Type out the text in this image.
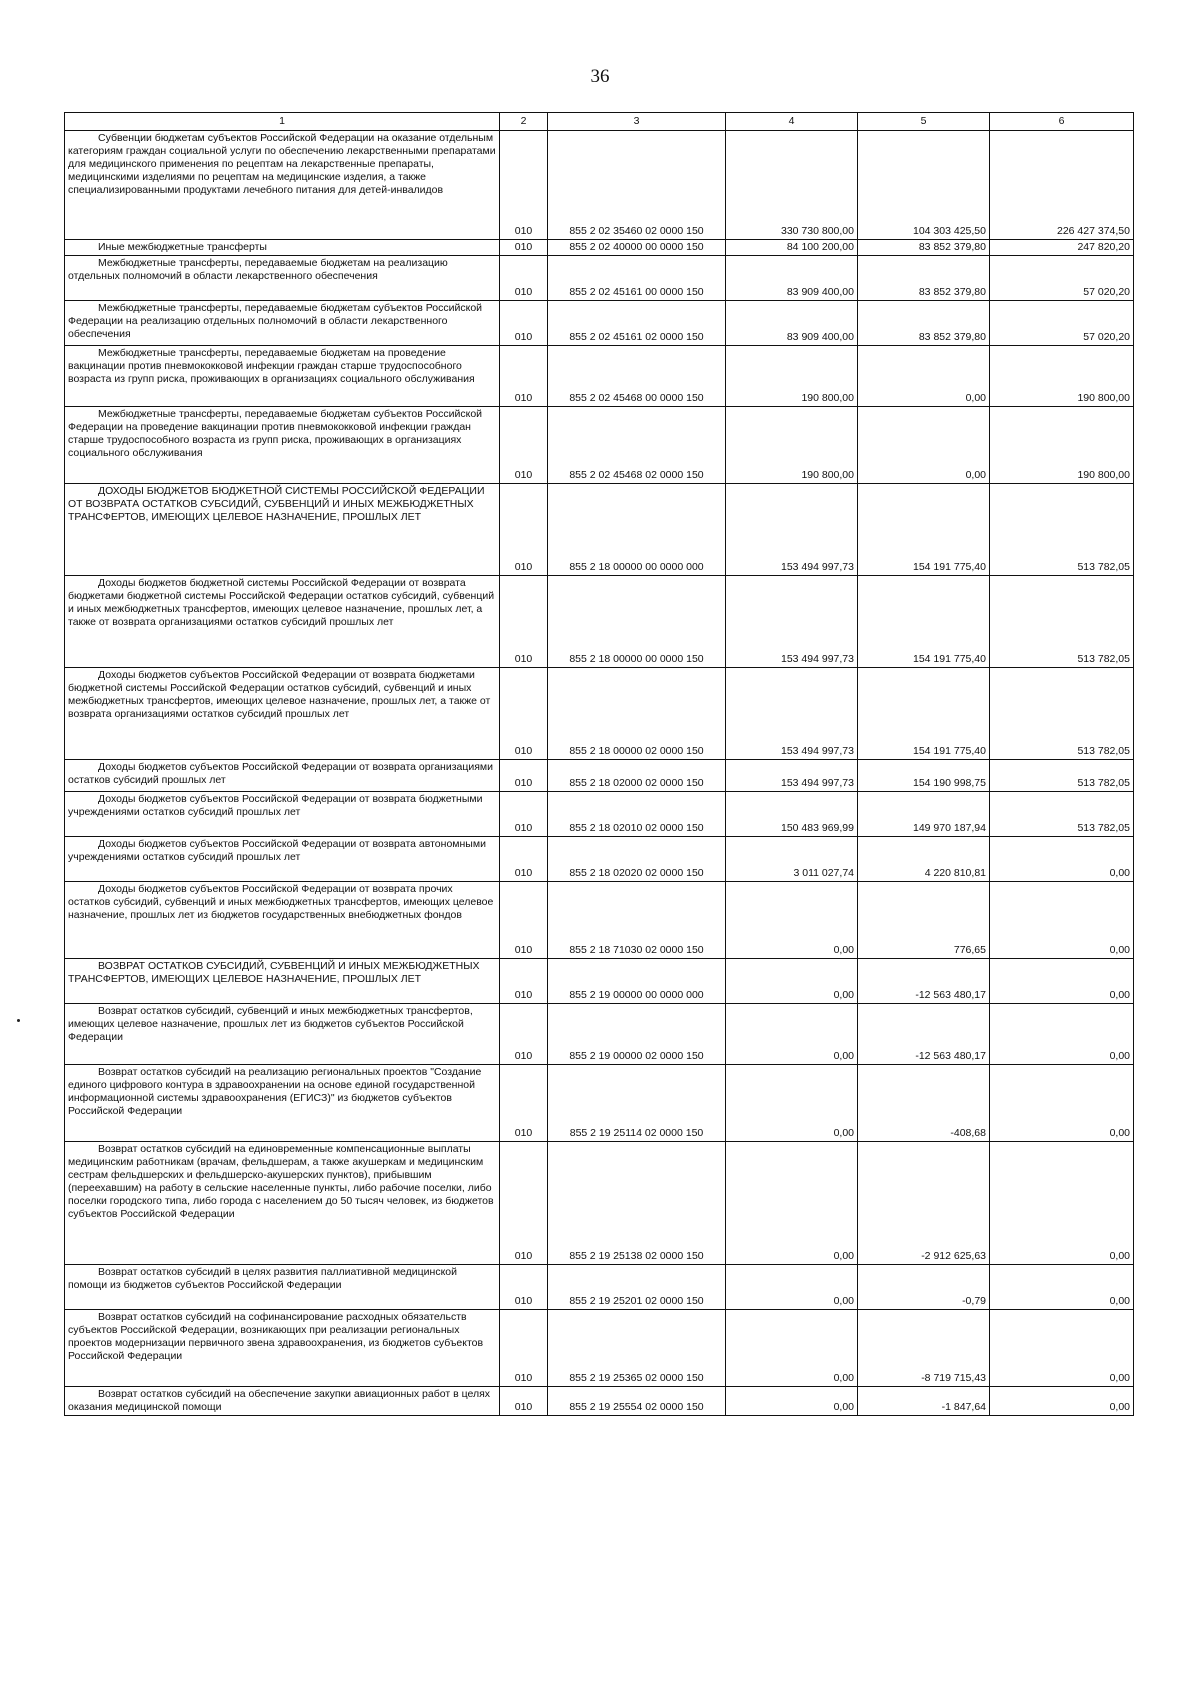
36
1	2	3	4	5	6

Субвенции бюджетам субъектов Российской Федерации на оказание отдельным категориям граждан социальной услуги по обеспечению лекарственными препаратами для медицинского применения по рецептам на лекарственные препараты, медицинскими изделиями по рецептам на медицинские изделия, а также специализированными продуктами лечебного питания для детей-инвалидов	010	855 2 02 35460 02 0000 150	330 730 800,00	104 303 425,50	226 427 374,50

Иные межбюджетные трансферты	010	855 2 02 40000 00 0000 150	84 100 200,00	83 852 379,80	247 820,20

Межбюджетные трансферты, передаваемые бюджетам на реализацию отдельных полномочий в области лекарственного обеспечения	010	855 2 02 45161 00 0000 150	83 909 400,00	83 852 379,80	57 020,20

Межбюджетные трансферты, передаваемые бюджетам субъектов Российской Федерации на реализацию отдельных полномочий в области лекарственного обеспечения	010	855 2 02 45161 02 0000 150	83 909 400,00	83 852 379,80	57 020,20

Межбюджетные трансферты, передаваемые бюджетам на проведение вакцинации против пневмококковой инфекции граждан старше трудоспособного возраста из групп риска, проживающих в организациях социального обслуживания	010	855 2 02 45468 00 0000 150	190 800,00	0,00	190 800,00

Межбюджетные трансферты, передаваемые бюджетам субъектов Российской Федерации на проведение вакцинации против пневмококковой инфекции граждан старше трудоспособного возраста из групп риска, проживающих в организациях социального обслуживания	010	855 2 02 45468 02 0000 150	190 800,00	0,00	190 800,00

ДОХОДЫ БЮДЖЕТОВ БЮДЖЕТНОЙ СИСТЕМЫ РОССИЙСКОЙ ФЕДЕРАЦИИ ОТ ВОЗВРАТА ОСТАТКОВ СУБСИДИЙ, СУБВЕНЦИЙ И ИНЫХ МЕЖБЮДЖЕТНЫХ ТРАНСФЕРТОВ, ИМЕЮЩИХ ЦЕЛЕВОЕ НАЗНАЧЕНИЕ, ПРОШЛЫХ ЛЕТ	010	855 2 18 00000 00 0000 000	153 494 997,73	154 191 775,40	513 782,05

Доходы бюджетов бюджетной системы Российской Федерации от возврата бюджетами бюджетной системы Российской Федерации остатков субсидий, субвенций и иных межбюджетных трансфертов, имеющих целевое назначение, прошлых лет, а также от возврата организациями остатков субсидий прошлых лет	010	855 2 18 00000 00 0000 150	153 494 997,73	154 191 775,40	513 782,05

Доходы бюджетов субъектов Российской Федерации от возврата бюджетами бюджетной системы Российской Федерации остатков субсидий, субвенций и иных межбюджетных трансфертов, имеющих целевое назначение, прошлых лет, а также от возврата организациями остатков субсидий прошлых лет	010	855 2 18 00000 02 0000 150	153 494 997,73	154 191 775,40	513 782,05

Доходы бюджетов субъектов Российской Федерации от возврата организациями остатков субсидий прошлых лет	010	855 2 18 02000 02 0000 150	153 494 997,73	154 190 998,75	513 782,05

Доходы бюджетов субъектов Российской Федерации от возврата бюджетными учреждениями остатков субсидий прошлых лет	010	855 2 18 02010 02 0000 150	150 483 969,99	149 970 187,94	513 782,05

Доходы бюджетов субъектов Российской Федерации от возврата автономными учреждениями остатков субсидий прошлых лет	010	855 2 18 02020 02 0000 150	3 011 027,74	4 220 810,81	0,00

Доходы бюджетов субъектов Российской Федерации от возврата прочих остатков субсидий, субвенций и иных межбюджетных трансфертов, имеющих целевое назначение, прошлых лет из бюджетов государственных внебюджетных фондов	010	855 2 18 71030 02 0000 150	0,00	776,65	0,00

ВОЗВРАТ ОСТАТКОВ СУБСИДИЙ, СУБВЕНЦИЙ И ИНЫХ МЕЖБЮДЖЕТНЫХ ТРАНСФЕРТОВ, ИМЕЮЩИХ ЦЕЛЕВОЕ НАЗНАЧЕНИЕ, ПРОШЛЫХ ЛЕТ	010	855 2 19 00000 00 0000 000	0,00	-12 563 480,17	0,00

Возврат остатков субсидий, субвенций и иных межбюджетных трансфертов, имеющих целевое назначение, прошлых лет из бюджетов субъектов Российской Федерации	010	855 2 19 00000 02 0000 150	0,00	-12 563 480,17	0,00

Возврат остатков субсидий на реализацию региональных проектов "Создание единого цифрового контура в здравоохранении на основе единой государственной информационной системы здравоохранения (ЕГИСЗ)" из бюджетов субъектов Российской Федерации	010	855 2 19 25114 02 0000 150	0,00	-408,68	0,00

Возврат остатков субсидий на единовременные компенсационные выплаты медицинским работникам (врачам, фельдшерам, а также акушеркам и медицинским сестрам фельдшерских и фельдшерско-акушерских пунктов), прибывшим (переехавшим) на работу в сельские населенные пункты, либо рабочие поселки, либо поселки городского типа, либо города с населением до 50 тысяч человек, из бюджетов субъектов Российской Федерации	010	855 2 19 25138 02 0000 150	0,00	-2 912 625,63	0,00

Возврат остатков субсидий в целях развития паллиативной медицинской помощи из бюджетов субъектов Российской Федерации	010	855 2 19 25201 02 0000 150	0,00	-0,79	0,00

Возврат остатков субсидий на софинансирование расходных обязательств субъектов Российской Федерации, возникающих при реализации региональных проектов модернизации первичного звена здравоохранения, из бюджетов субъектов Российской Федерации	010	855 2 19 25365 02 0000 150	0,00	-8 719 715,43	0,00

Возврат остатков субсидий на обеспечение закупки авиационных работ в целях оказания медицинской помощи	010	855 2 19 25554 02 0000 150	0,00	-1 847,64	0,00
